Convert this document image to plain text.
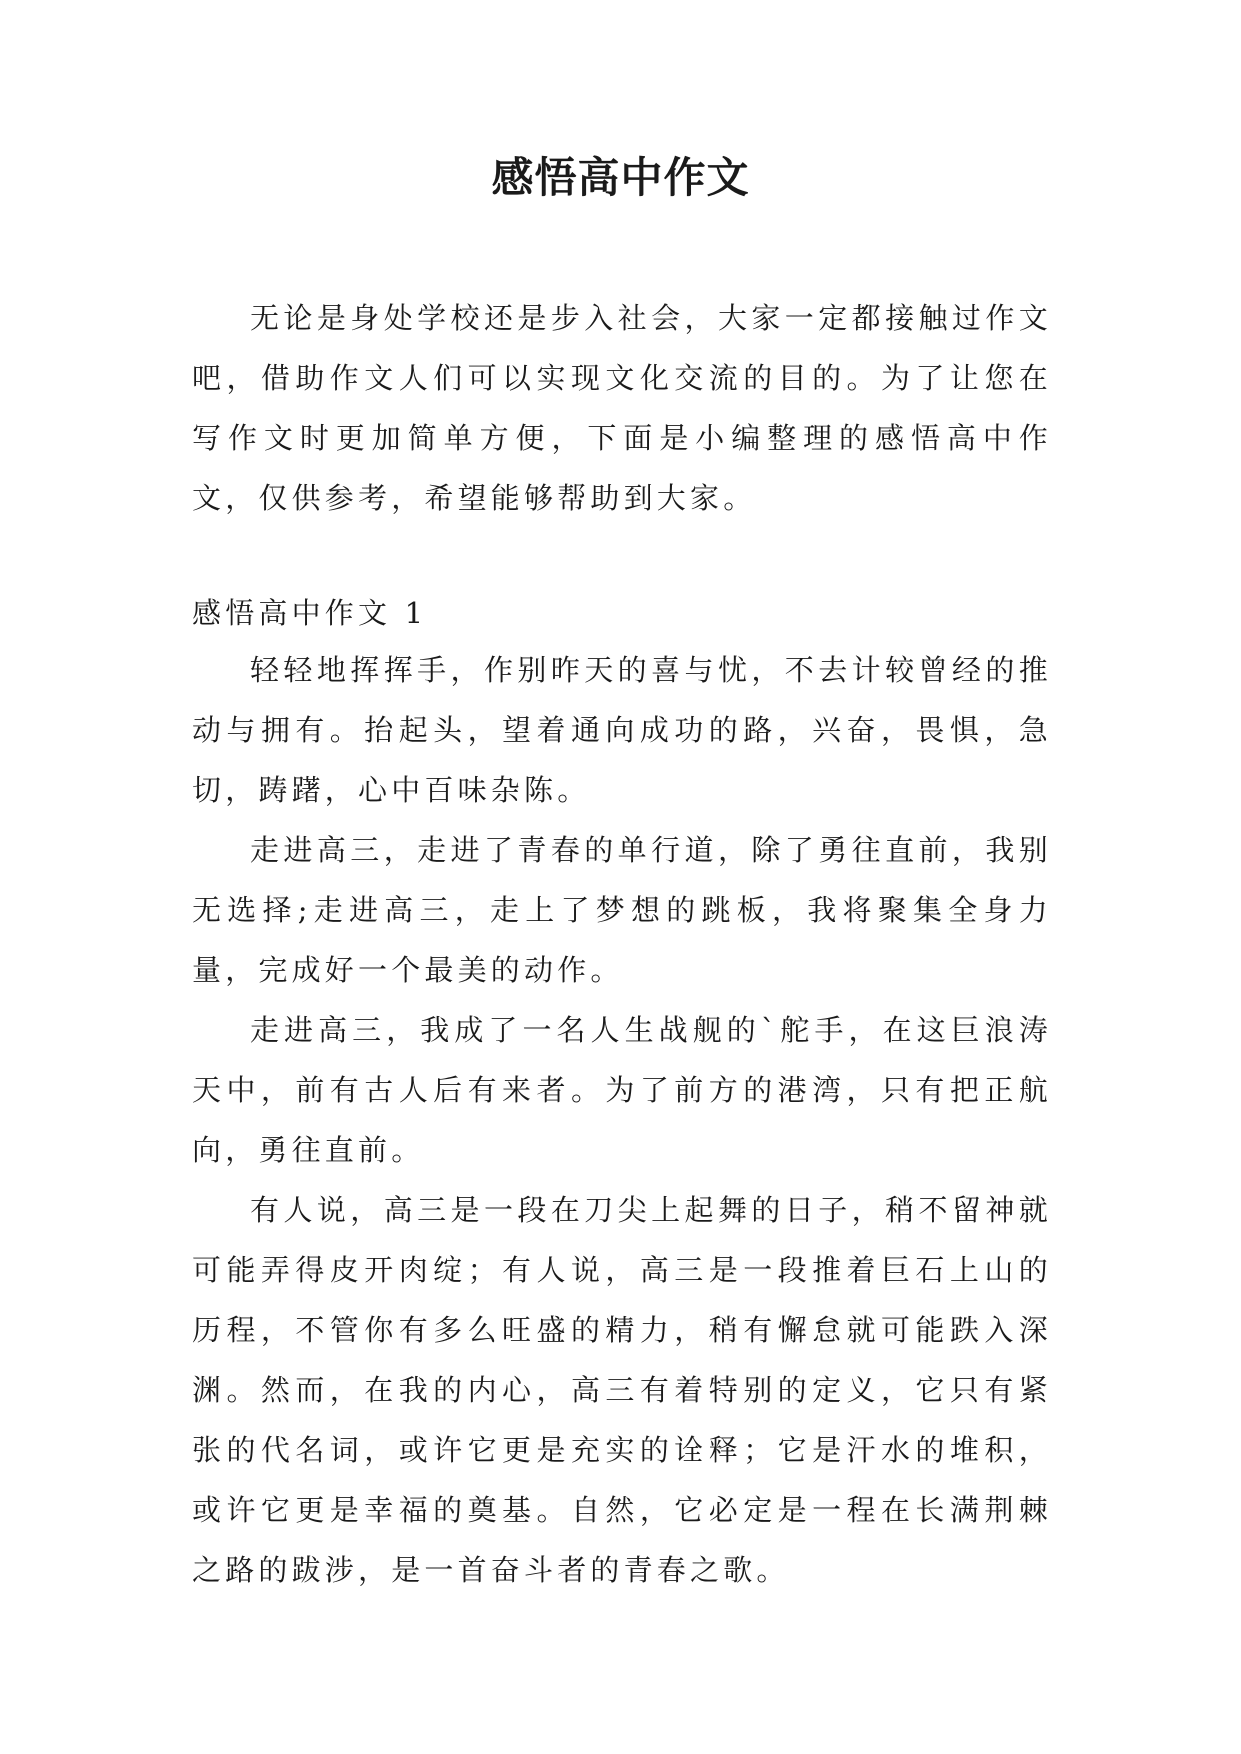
感悟高中作文

无论是身处学校还是步入社会，大家一定都接触过作文吧，借助作文人们可以实现文化交流的目的。为了让您在写作文时更加简单方便，下面是小编整理的感悟高中作文，仅供参考，希望能够帮助到大家。

感悟高中作文 1

轻轻地挥挥手，作别昨天的喜与忧，不去计较曾经的推动与拥有。抬起头，望着通向成功的路，兴奋，畏惧，急切，踌躇，心中百味杂陈。

走进高三，走进了青春的单行道，除了勇往直前，我别无选择;走进高三，走上了梦想的跳板，我将聚集全身力量，完成好一个最美的动作。

走进高三，我成了一名人生战舰的`舵手，在这巨浪涛天中，前有古人后有来者。为了前方的港湾，只有把正航向，勇往直前。

有人说，高三是一段在刀尖上起舞的日子，稍不留神就可能弄得皮开肉绽；有人说，高三是一段推着巨石上山的历程，不管你有多么旺盛的精力，稍有懈怠就可能跌入深渊。然而，在我的内心，高三有着特别的定义，它只有紧张的代名词，或许它更是充实的诠释；它是汗水的堆积，或许它更是幸福的奠基。自然，它必定是一程在长满荆棘之路的跋涉，是一首奋斗者的青春之歌。
